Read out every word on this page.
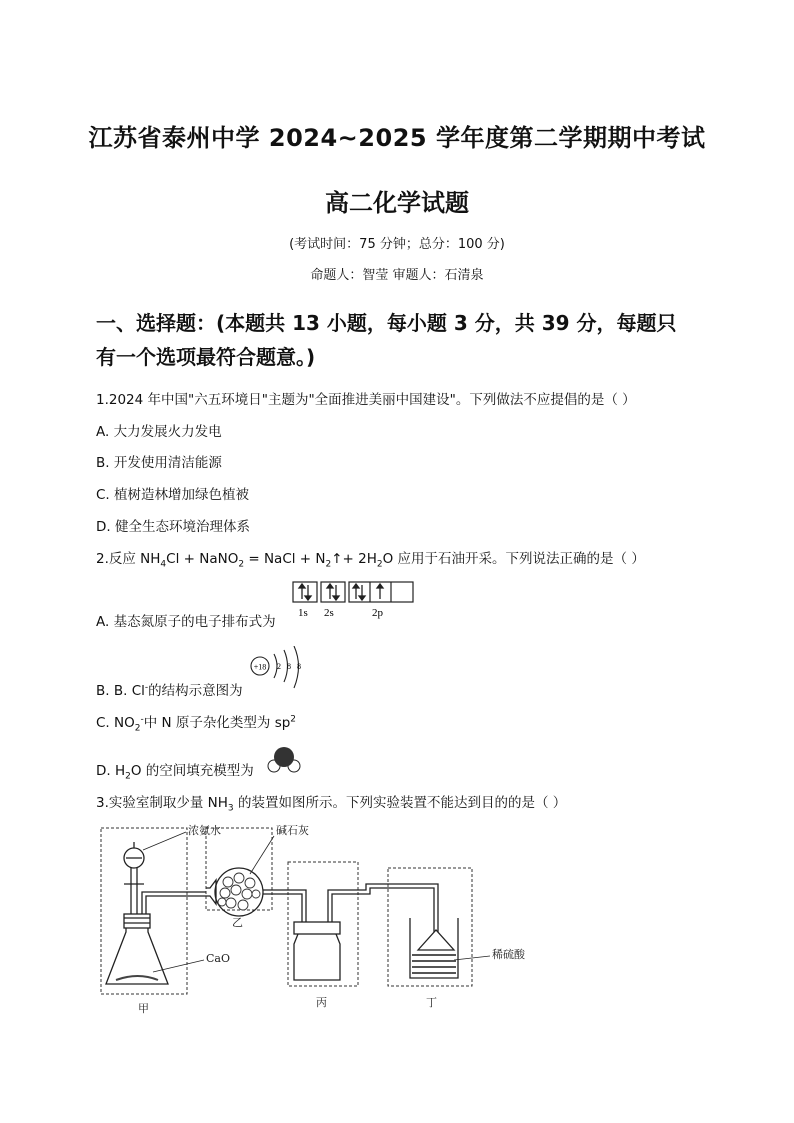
江苏省泰州中学 2024~2025 学年度第二学期期中考试
高二化学试题
(考试时间：75 分钟；总分：100 分)
命题人：智莹 审题人：石清泉
一、选择题：(本题共 13 小题，每小题 3 分，共 39 分，每题只
有一个选项最符合题意。)
1.2024 年中国"六五环境日"主题为"全面推进美丽中国建设"。下列做法不应提倡的是（ ）
A. 大力发展火力发电
B. 开发使用清洁能源
C. 植树造林增加绿色植被
D. 健全生态环境治理体系
2.反应 $NH_4Cl$ + NaNO$_2$ = NaCl + $N_2↑+ 2H_2O$ 应用于石油开采。下列说法正确的是（ ）
A. 基态氮原子的电子排布式为
1s 2s	2p
B. B. Cl-的结构示意图为
+18 2 8 8
C. $NO_2^-$中 N 原子杂化类型为 $sp^2$
D. $H_2O$ 的空间填充模型为
3.实验室制取少量 $NH_3$ 的装置如图所示。下列实验装置不能达到目的的是（ ）
浓氨水	碱石灰
CaO	稀硫酸
甲
乙
丙	丁
